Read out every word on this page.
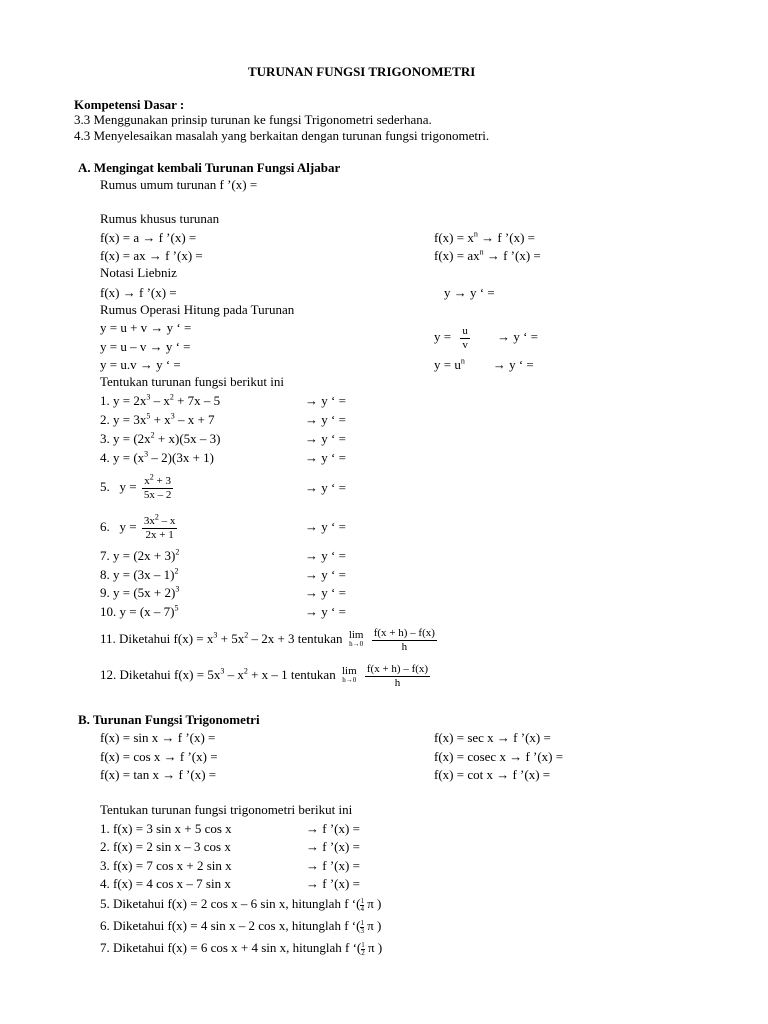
TURUNAN FUNGSI TRIGONOMETRI
Kompetensi Dasar :
3.3 Menggunakan prinsip turunan ke fungsi Trigonometri sederhana.
4.3 Menyelesaikan masalah yang berkaitan dengan turunan fungsi trigonometri.
A. Mengingat kembali Turunan Fungsi Aljabar
Rumus umum turunan f ’(x) =
Rumus khusus turunan
f(x) = a → f ’(x) =
f(x) = ax → f ’(x) =
$f(x) = x^n \to f$ ’(x) =
$f(x) = ax^n \to f$ ’(x) =
Notasi Liebniz
f(x) → f ’(x) =	y → y ‘ =
Rumus Operasi Hitung pada Turunan
y = u + v → y ‘ =
y = u – v → y ‘ =
y = u.v → y ‘ =
$y = \frac{u}{v} \to y$ ‘ =
$y = u^n \to y$ ‘ =
Tentukan turunan fungsi berikut ini
1. $y = 2x^3 - x^2 + 7x - 5$
2. $y = 3x^5 + x^3 - x + 7$
3. $y = (2x^2 + x)(5x - 3)$
4. $y = (x^3 - 2)(3x + 1)$
5. $y = \frac{x^2 + 3}{5x - 2}$
6. $y = \frac{3x^2 - x}{2x + 1}$
7. $y = (2x + 3)^2$
8. y = (3x – 1)$^2$
9. $y = (5x + 2)^3$
10. y = (x – 7)$^5$
→ y ‘ =
→ y ‘ =
→ y ‘ =
→ y ‘ =
→ y ‘ =
→ y ‘ =
→ y ‘ =
→ y ‘ =
→ y ‘ =
→ y ‘ =
11. Diketahui $f(x) = x^3 + 5x^2 - 2x + 3$ tentukan lim
h→0
$\frac{f(x + h) - f(x)}{h}$
12. Diketahui $f(x) = 5x^3 - x^2 + x - 1$ tentukan lim
h→0
$\frac{f(x + h) - f(x)}{h}$
B. Turunan Fungsi Trigonometri
f(x) = sin x → f ’(x) =
f(x) = cos x → f ’(x) =
f(x) = tan x → f ’(x) =
f(x) = sec x → f ’(x) =
f(x) = cosec x → f ’(x) =
f(x) = cot x → f ’(x) =
Tentukan turunan fungsi trigonometri berikut ini
1. f(x) = 3 sin x + 5 cos x
2. f(x) = 2 sin x – 3 cos x
3. f(x) = 7 cos x + 2 sin x
4. f(x) = 4 cos x – 7 sin x
→ f ’(x) =
→ f ’(x) =
→ f ’(x) =
→ f ’(x) =
5. Diketahui f(x) = 2 cos x – 6 sin x, hitunglah f ‘( $\frac{1}{4}$ π )
6. Diketahui f(x) = 4 sin x – 2 cos x, hitunglah f ‘( $\frac{1}{3}$ π )
7. Diketahui f(x) = 6 cos x + 4 sin x, hitunglah f ‘( $\frac{1}{2}$ π )
